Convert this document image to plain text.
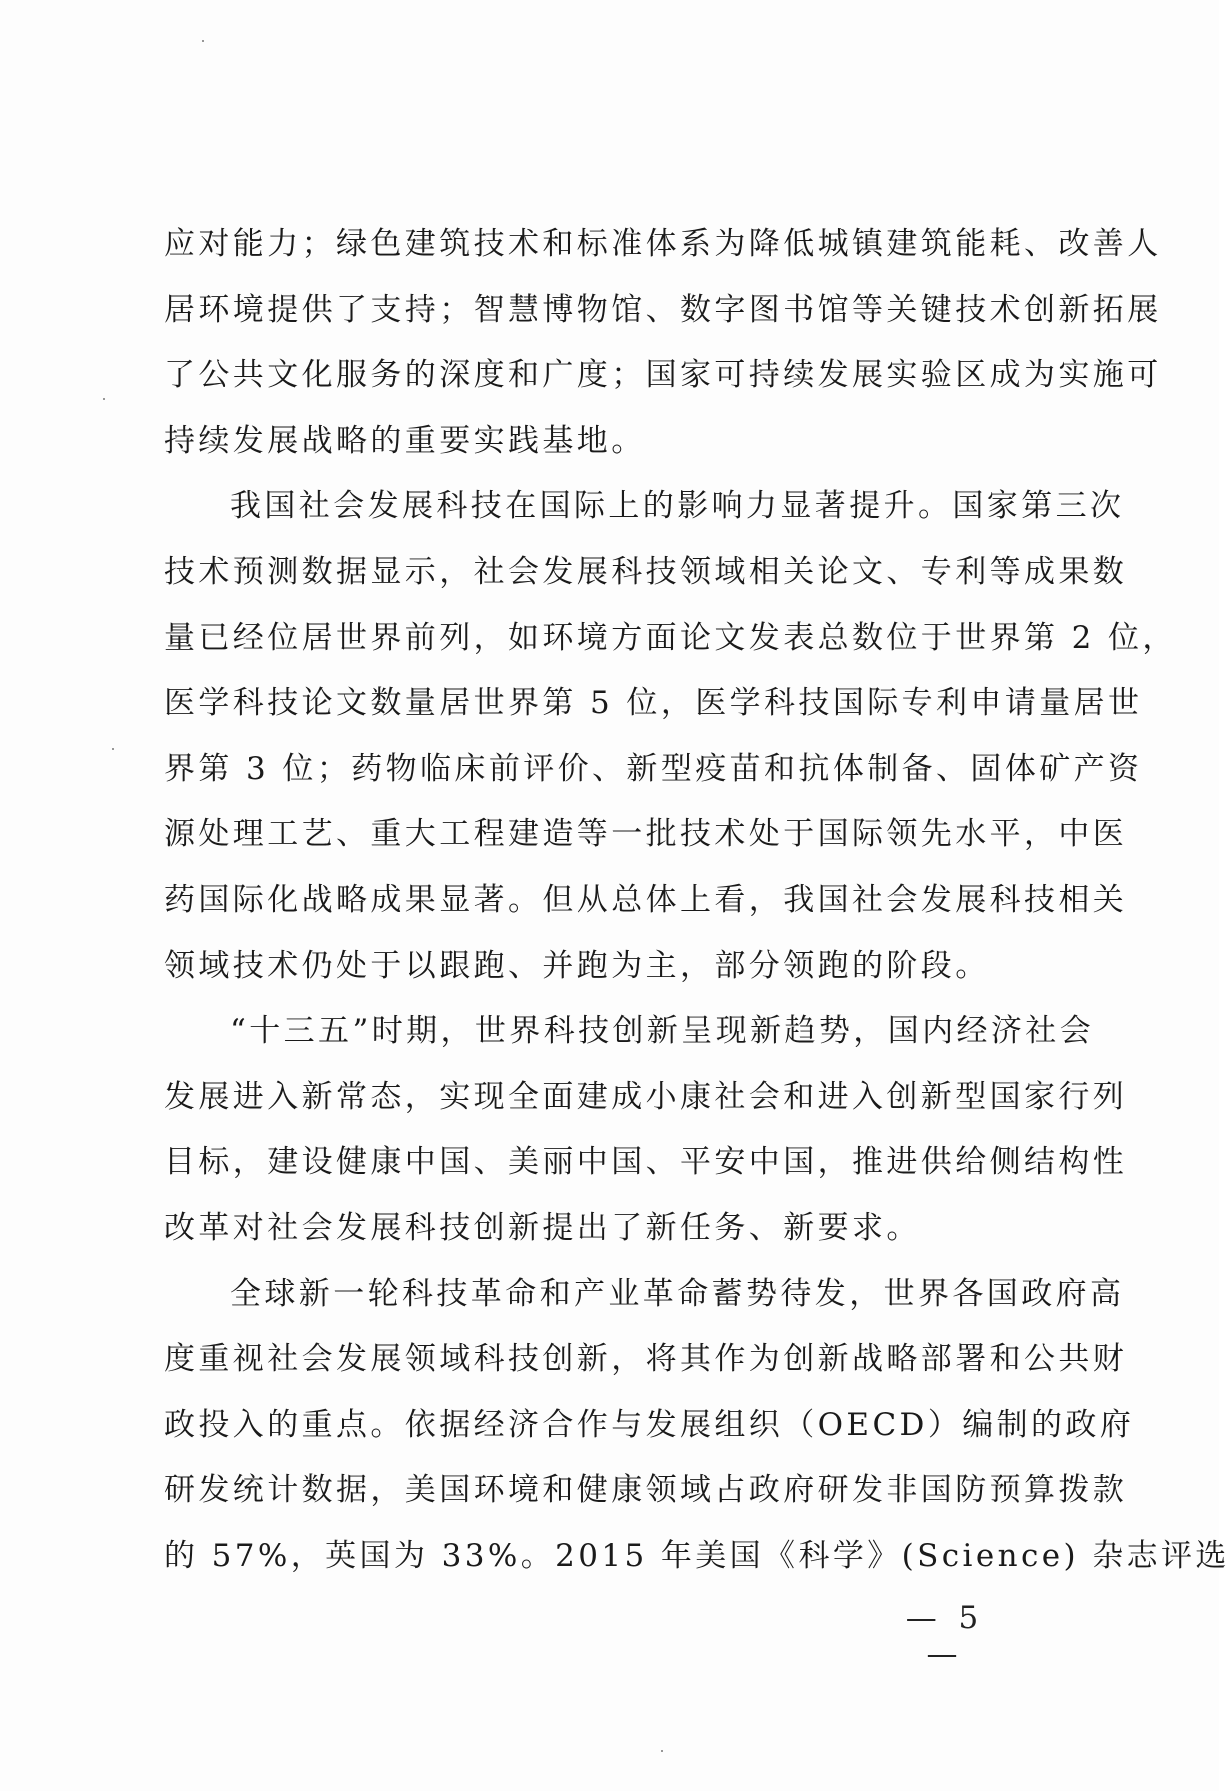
应对能力；绿色建筑技术和标准体系为降低城镇建筑能耗、改善人
居环境提供了支持；智慧博物馆、数字图书馆等关键技术创新拓展
了公共文化服务的深度和广度；国家可持续发展实验区成为实施可
持续发展战略的重要实践基地。
我国社会发展科技在国际上的影响力显著提升。国家第三次
技术预测数据显示，社会发展科技领域相关论文、专利等成果数
量已经位居世界前列，如环境方面论文发表总数位于世界第 2 位，
医学科技论文数量居世界第 5 位，医学科技国际专利申请量居世
界第 3 位；药物临床前评价、新型疫苗和抗体制备、固体矿产资
源处理工艺、重大工程建造等一批技术处于国际领先水平，中医
药国际化战略成果显著。但从总体上看，我国社会发展科技相关
领域技术仍处于以跟跑、并跑为主，部分领跑的阶段。
“十三五”时期，世界科技创新呈现新趋势，国内经济社会
发展进入新常态，实现全面建成小康社会和进入创新型国家行列
目标，建设健康中国、美丽中国、平安中国，推进供给侧结构性
改革对社会发展科技创新提出了新任务、新要求。
全球新一轮科技革命和产业革命蓄势待发，世界各国政府高
度重视社会发展领域科技创新，将其作为创新战略部署和公共财
政投入的重点。依据经济合作与发展组织（OECD）编制的政府
研发统计数据，美国环境和健康领域占政府研发非国防预算拨款
的 57%，英国为 33%。2015 年美国《科学》(Science) 杂志评选
— 5 —
